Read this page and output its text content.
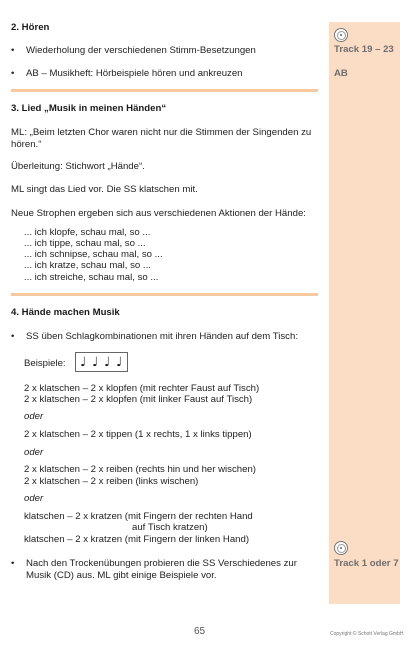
Track 19 – 23
AB
Track 1 oder 7
2. Hören
• Wiederholung der verschiedenen Stimm-Besetzungen
• AB – Musikheft: Hörbeispiele hören und ankreuzen
3. Lied „Musik in meinen Händen“
ML: „Beim letzten Chor waren nicht nur die Stimmen der Singenden zu
hören.“
Überleitung: Stichwort „Hände“.
ML singt das Lied vor. Die SS klatschen mit.
Neue Strophen ergeben sich aus verschiedenen Aktionen der Hände:
... ich klopfe, schau mal, so ...
... ich tippe, schau mal, so ...
... ich schnipse, schau mal, so ...
... ich kratze, schau mal, so ...
... ich streiche, schau mal, so ...
4. Hände machen Musik
• SS üben Schlagkombinationen mit ihren Händen auf dem Tisch:
Beispiele: ♩ ♩ ♩ ♩
2 x klatschen – 2 x klopfen (mit rechter Faust auf Tisch)
2 x klatschen – 2 x klopfen (mit linker Faust auf Tisch)
oder
2 x klatschen – 2 x tippen (1 x rechts, 1 x links tippen)
oder
2 x klatschen – 2 x reiben (rechts hin und her wischen)
2 x klatschen – 2 x reiben (links wischen)
oder
klatschen – 2 x kratzen (mit Fingern der rechten Hand
auf Tisch kratzen)
klatschen – 2 x kratzen (mit Fingern der linken Hand)
• Nach den Trockenübungen probieren die SS Verschiedenes zur
Musik (CD) aus. ML gibt einige Beispiele vor.
65	Copyright © Schott Verlag GmbH
